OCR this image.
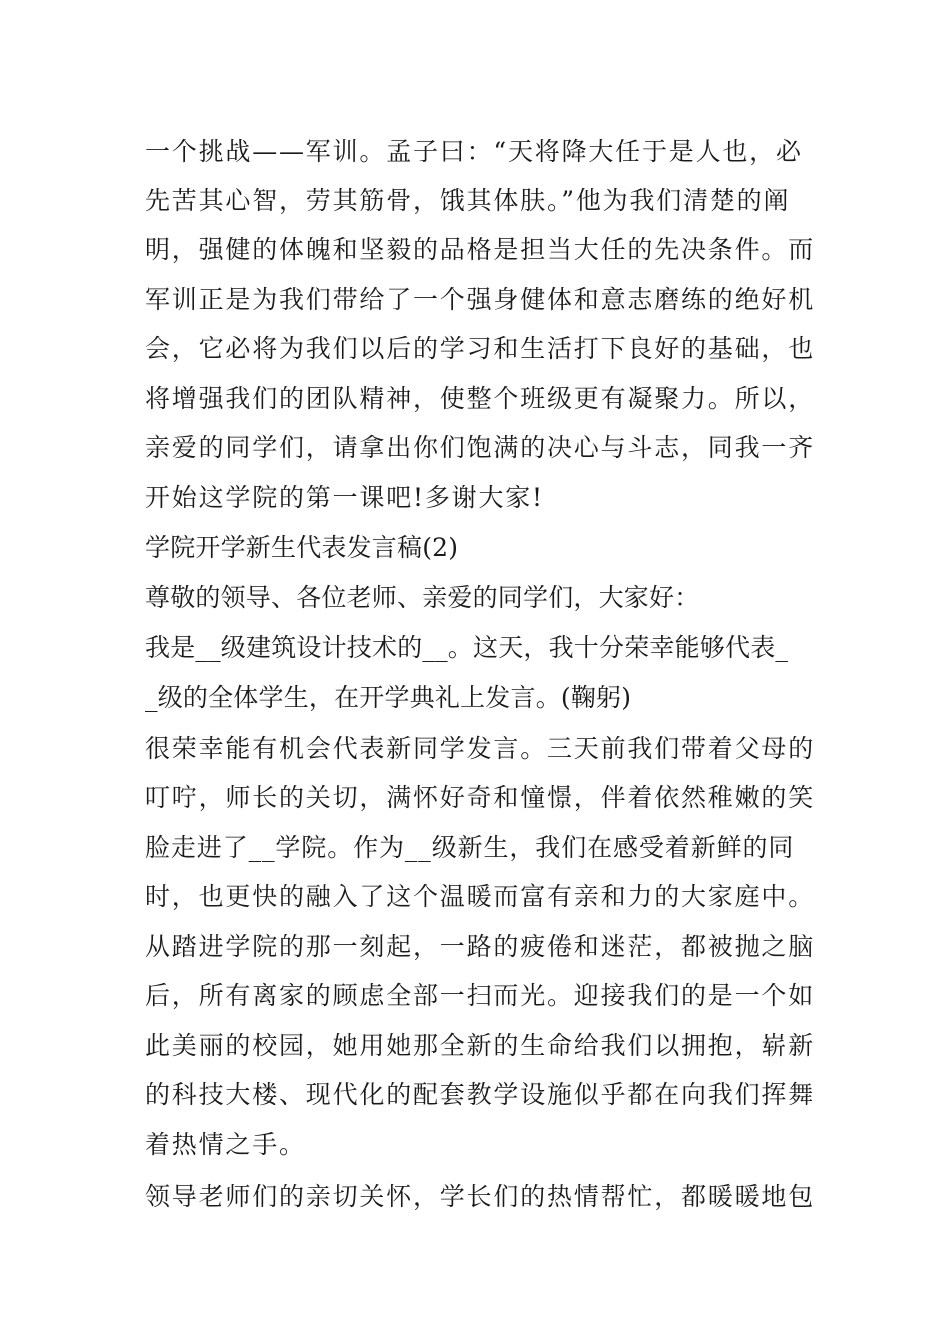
一个挑战——军训。孟子曰：“天将降大任于是人也，必
先苦其心智，劳其筋骨，饿其体肤。”他为我们清楚的阐
明，强健的体魄和坚毅的品格是担当大任的先决条件。而
军训正是为我们带给了一个强身健体和意志磨练的绝好机
会，它必将为我们以后的学习和生活打下良好的基础，也
将增强我们的团队精神，使整个班级更有凝聚力。所以，
亲爱的同学们，请拿出你们饱满的决心与斗志，同我一齐
开始这学院的第一课吧!多谢大家!
学院开学新生代表发言稿(2)
尊敬的领导、各位老师、亲爱的同学们，大家好：
我是__级建筑设计技术的__。这天，我十分荣幸能够代表_
_级的全体学生，在开学典礼上发言。(鞠躬)
很荣幸能有机会代表新同学发言。三天前我们带着父母的
叮咛，师长的关切，满怀好奇和憧憬，伴着依然稚嫩的笑
脸走进了__学院。作为__级新生，我们在感受着新鲜的同
时，也更快的融入了这个温暖而富有亲和力的大家庭中。
从踏进学院的那一刻起，一路的疲倦和迷茫，都被抛之脑
后，所有离家的顾虑全部一扫而光。迎接我们的是一个如
此美丽的校园，她用她那全新的生命给我们以拥抱，崭新
的科技大楼、现代化的配套教学设施似乎都在向我们挥舞
着热情之手。
领导老师们的亲切关怀，学长们的热情帮忙，都暖暖地包
